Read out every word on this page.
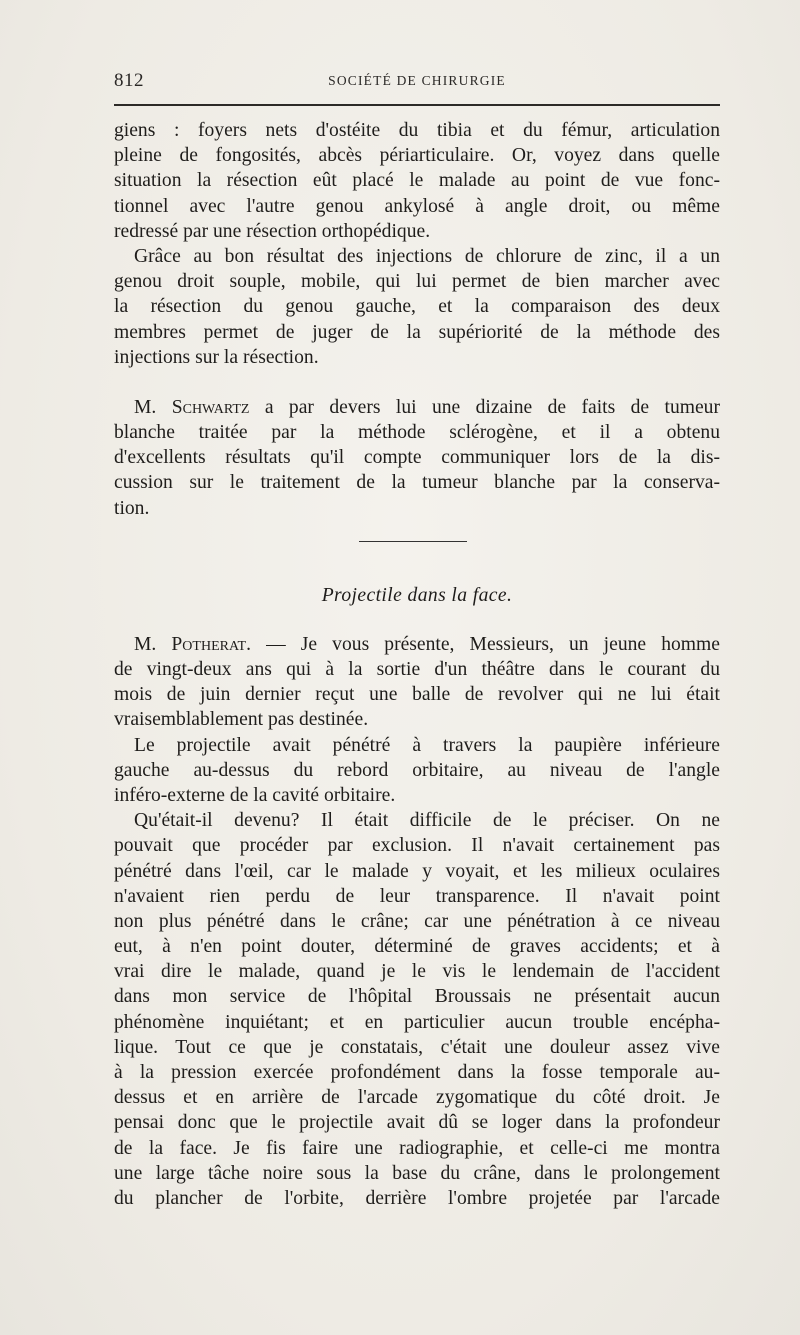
812	SOCIÉTÉ DE CHIRURGIE
giens : foyers nets d'ostéite du tibia et du fémur, articulation
pleine de fongosités, abcès périarticulaire. Or, voyez dans quelle
situation la résection eût placé le malade au point de vue fonc-
tionnel avec l'autre genou ankylosé à angle droit, ou même
redressé par une résection orthopédique.
Grâce au bon résultat des injections de chlorure de zinc, il a un
genou droit souple, mobile, qui lui permet de bien marcher avec
la résection du genou gauche, et la comparaison des deux
membres permet de juger de la supériorité de la méthode des
injections sur la résection.
M. Schwartz a par devers lui une dizaine de faits de tumeur
blanche traitée par la méthode sclérogène, et il a obtenu
d'excellents résultats qu'il compte communiquer lors de la dis-
cussion sur le traitement de la tumeur blanche par la conserva-
tion.
Projectile dans la face.
M. Potherat. — Je vous présente, Messieurs, un jeune homme
de vingt-deux ans qui à la sortie d'un théâtre dans le courant du
mois de juin dernier reçut une balle de revolver qui ne lui était
vraisemblablement pas destinée.
Le projectile avait pénétré à travers la paupière inférieure
gauche au-dessus du rebord orbitaire, au niveau de l'angle
inféro-externe de la cavité orbitaire.
Qu'était-il devenu? Il était difficile de le préciser. On ne
pouvait que procéder par exclusion. Il n'avait certainement pas
pénétré dans l'œil, car le malade y voyait, et les milieux oculaires
n'avaient rien perdu de leur transparence. Il n'avait point
non plus pénétré dans le crâne; car une pénétration à ce niveau
eut, à n'en point douter, déterminé de graves accidents; et à
vrai dire le malade, quand je le vis le lendemain de l'accident
dans mon service de l'hôpital Broussais ne présentait aucun
phénomène inquiétant; et en particulier aucun trouble encépha-
lique. Tout ce que je constatais, c'était une douleur assez vive
à la pression exercée profondément dans la fosse temporale au-
dessus et en arrière de l'arcade zygomatique du côté droit. Je
pensai donc que le projectile avait dû se loger dans la profondeur
de la face. Je fis faire une radiographie, et celle-ci me montra
une large tâche noire sous la base du crâne, dans le prolongement
du plancher de l'orbite, derrière l'ombre projetée par l'arcade
